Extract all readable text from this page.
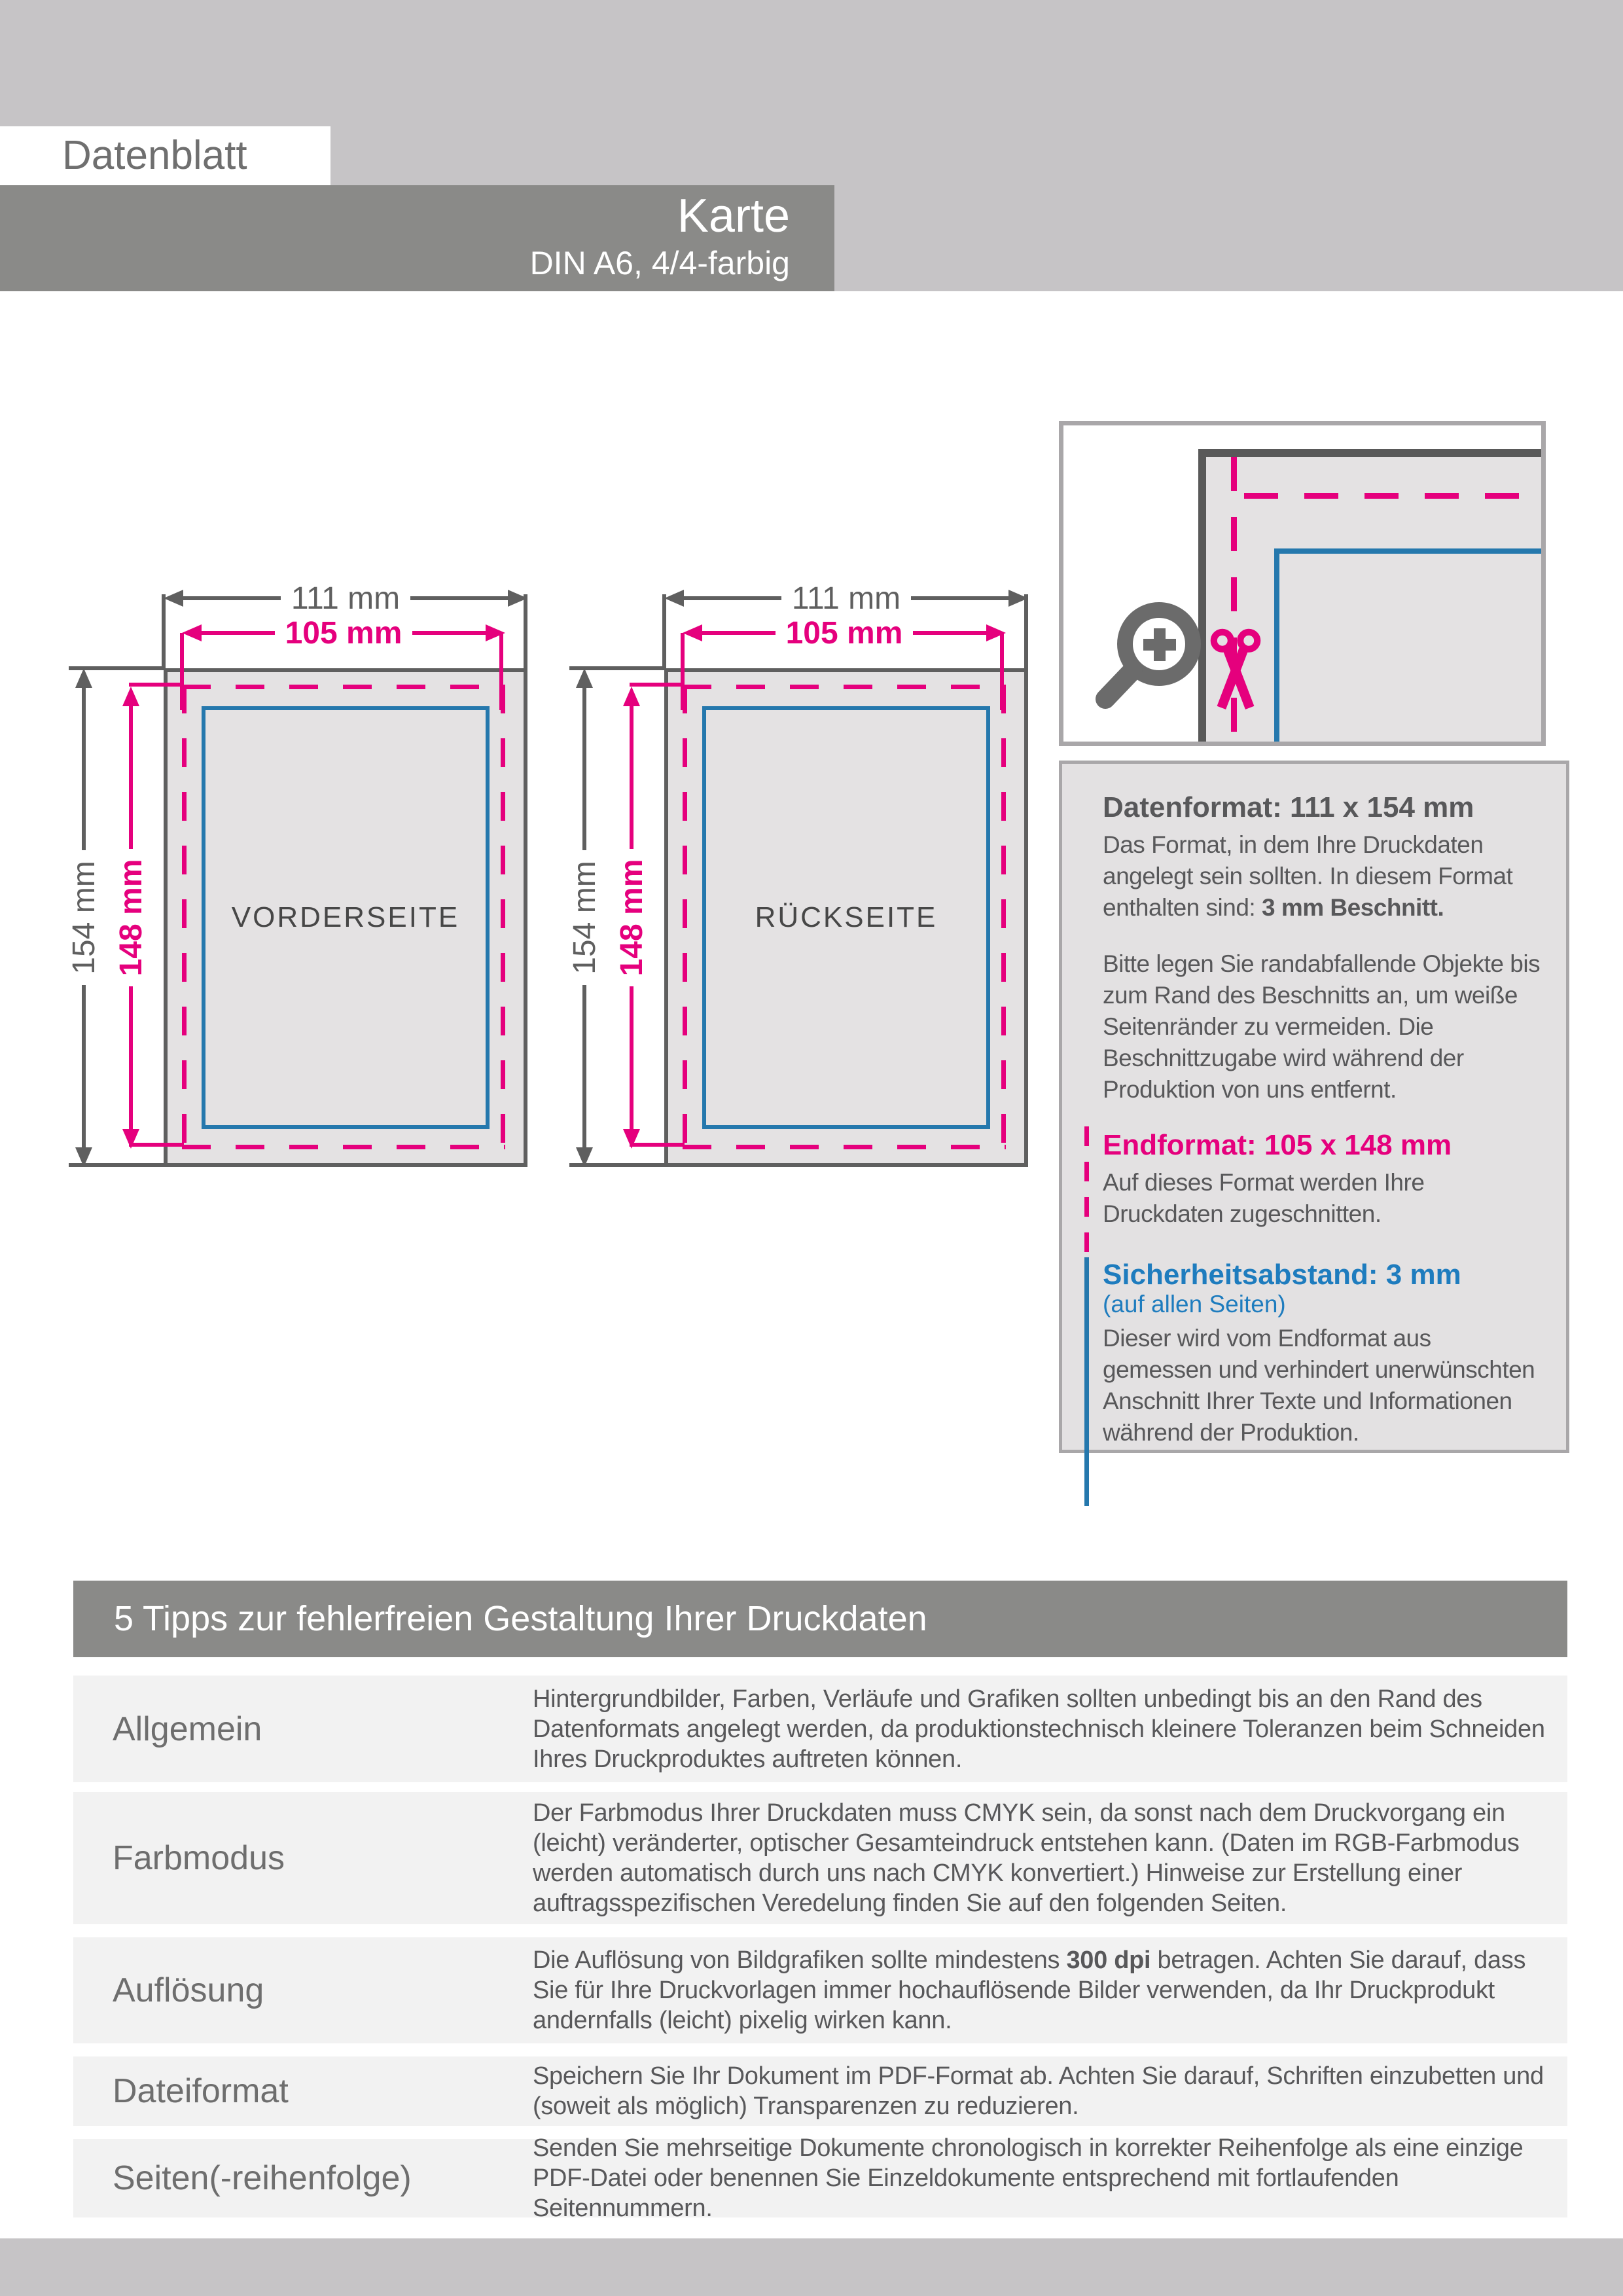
Datenblatt
Karte
DIN A6, 4/4-farbig
VORDERSEITE
111 mm
105 mm
154 mm 148 mm	RÜCKSEITE
111 mm
105 mm
154 mm 148 mm
Datenformat: 111 x 154 mm

Das Format, in dem Ihre Druckdaten angelegt sein sollten. In diesem Format enthalten sind: 3 mm Beschnitt.

Bitte legen Sie randabfallende Objekte bis zum Rand des Beschnitts an, um weiße Seitenränder zu vermeiden. Die Beschnittzugabe wird während der Produktion von uns entfernt.

Endformat: 105 x 148 mm

Auf dieses Format werden Ihre Druckdaten zugeschnitten.

Sicherheitsabstand: 3 mm
(auf allen Seiten)

Dieser wird vom Endformat aus gemessen und verhindert unerwünschten Anschnitt Ihrer Texte und Informationen während der Produktion.

5 Tipps zur fehlerfreien Gestaltung Ihrer Druckdaten
Allgemein
Hintergrundbilder, Farben, Verläufe und Grafiken sollten unbedingt bis an den Rand des Datenformats angelegt werden, da produktionstechnisch kleinere Toleranzen beim Schneiden Ihres Druckproduktes auftreten können.
Farbmodus
Der Farbmodus Ihrer Druckdaten muss CMYK sein, da sonst nach dem Druckvorgang ein (leicht) veränderter, optischer Gesamteindruck entstehen kann. (Daten im RGB-Farbmodus werden automatisch durch uns nach CMYK konvertiert.) Hinweise zur Erstellung einer auftragsspezifischen Veredelung finden Sie auf den folgenden Seiten.
Auflösung
Die Auflösung von Bildgrafiken sollte mindestens 300 dpi betragen. Achten Sie darauf, dass Sie für Ihre Druckvorlagen immer hochauflösende Bilder verwenden, da Ihr Druckprodukt andernfalls (leicht) pixelig wirken kann.
Dateiformat	Speichern Sie Ihr Dokument im PDF-Format ab. Achten Sie darauf, Schriften einzubetten und (soweit als möglich) Transparenzen zu reduzieren.
Seiten(-reihenfolge)
Senden Sie mehrseitige Dokumente chronologisch in korrekter Reihenfolge als eine einzige PDF-Datei oder benennen Sie Einzeldokumente entsprechend mit fortlaufenden Seitennummern.
